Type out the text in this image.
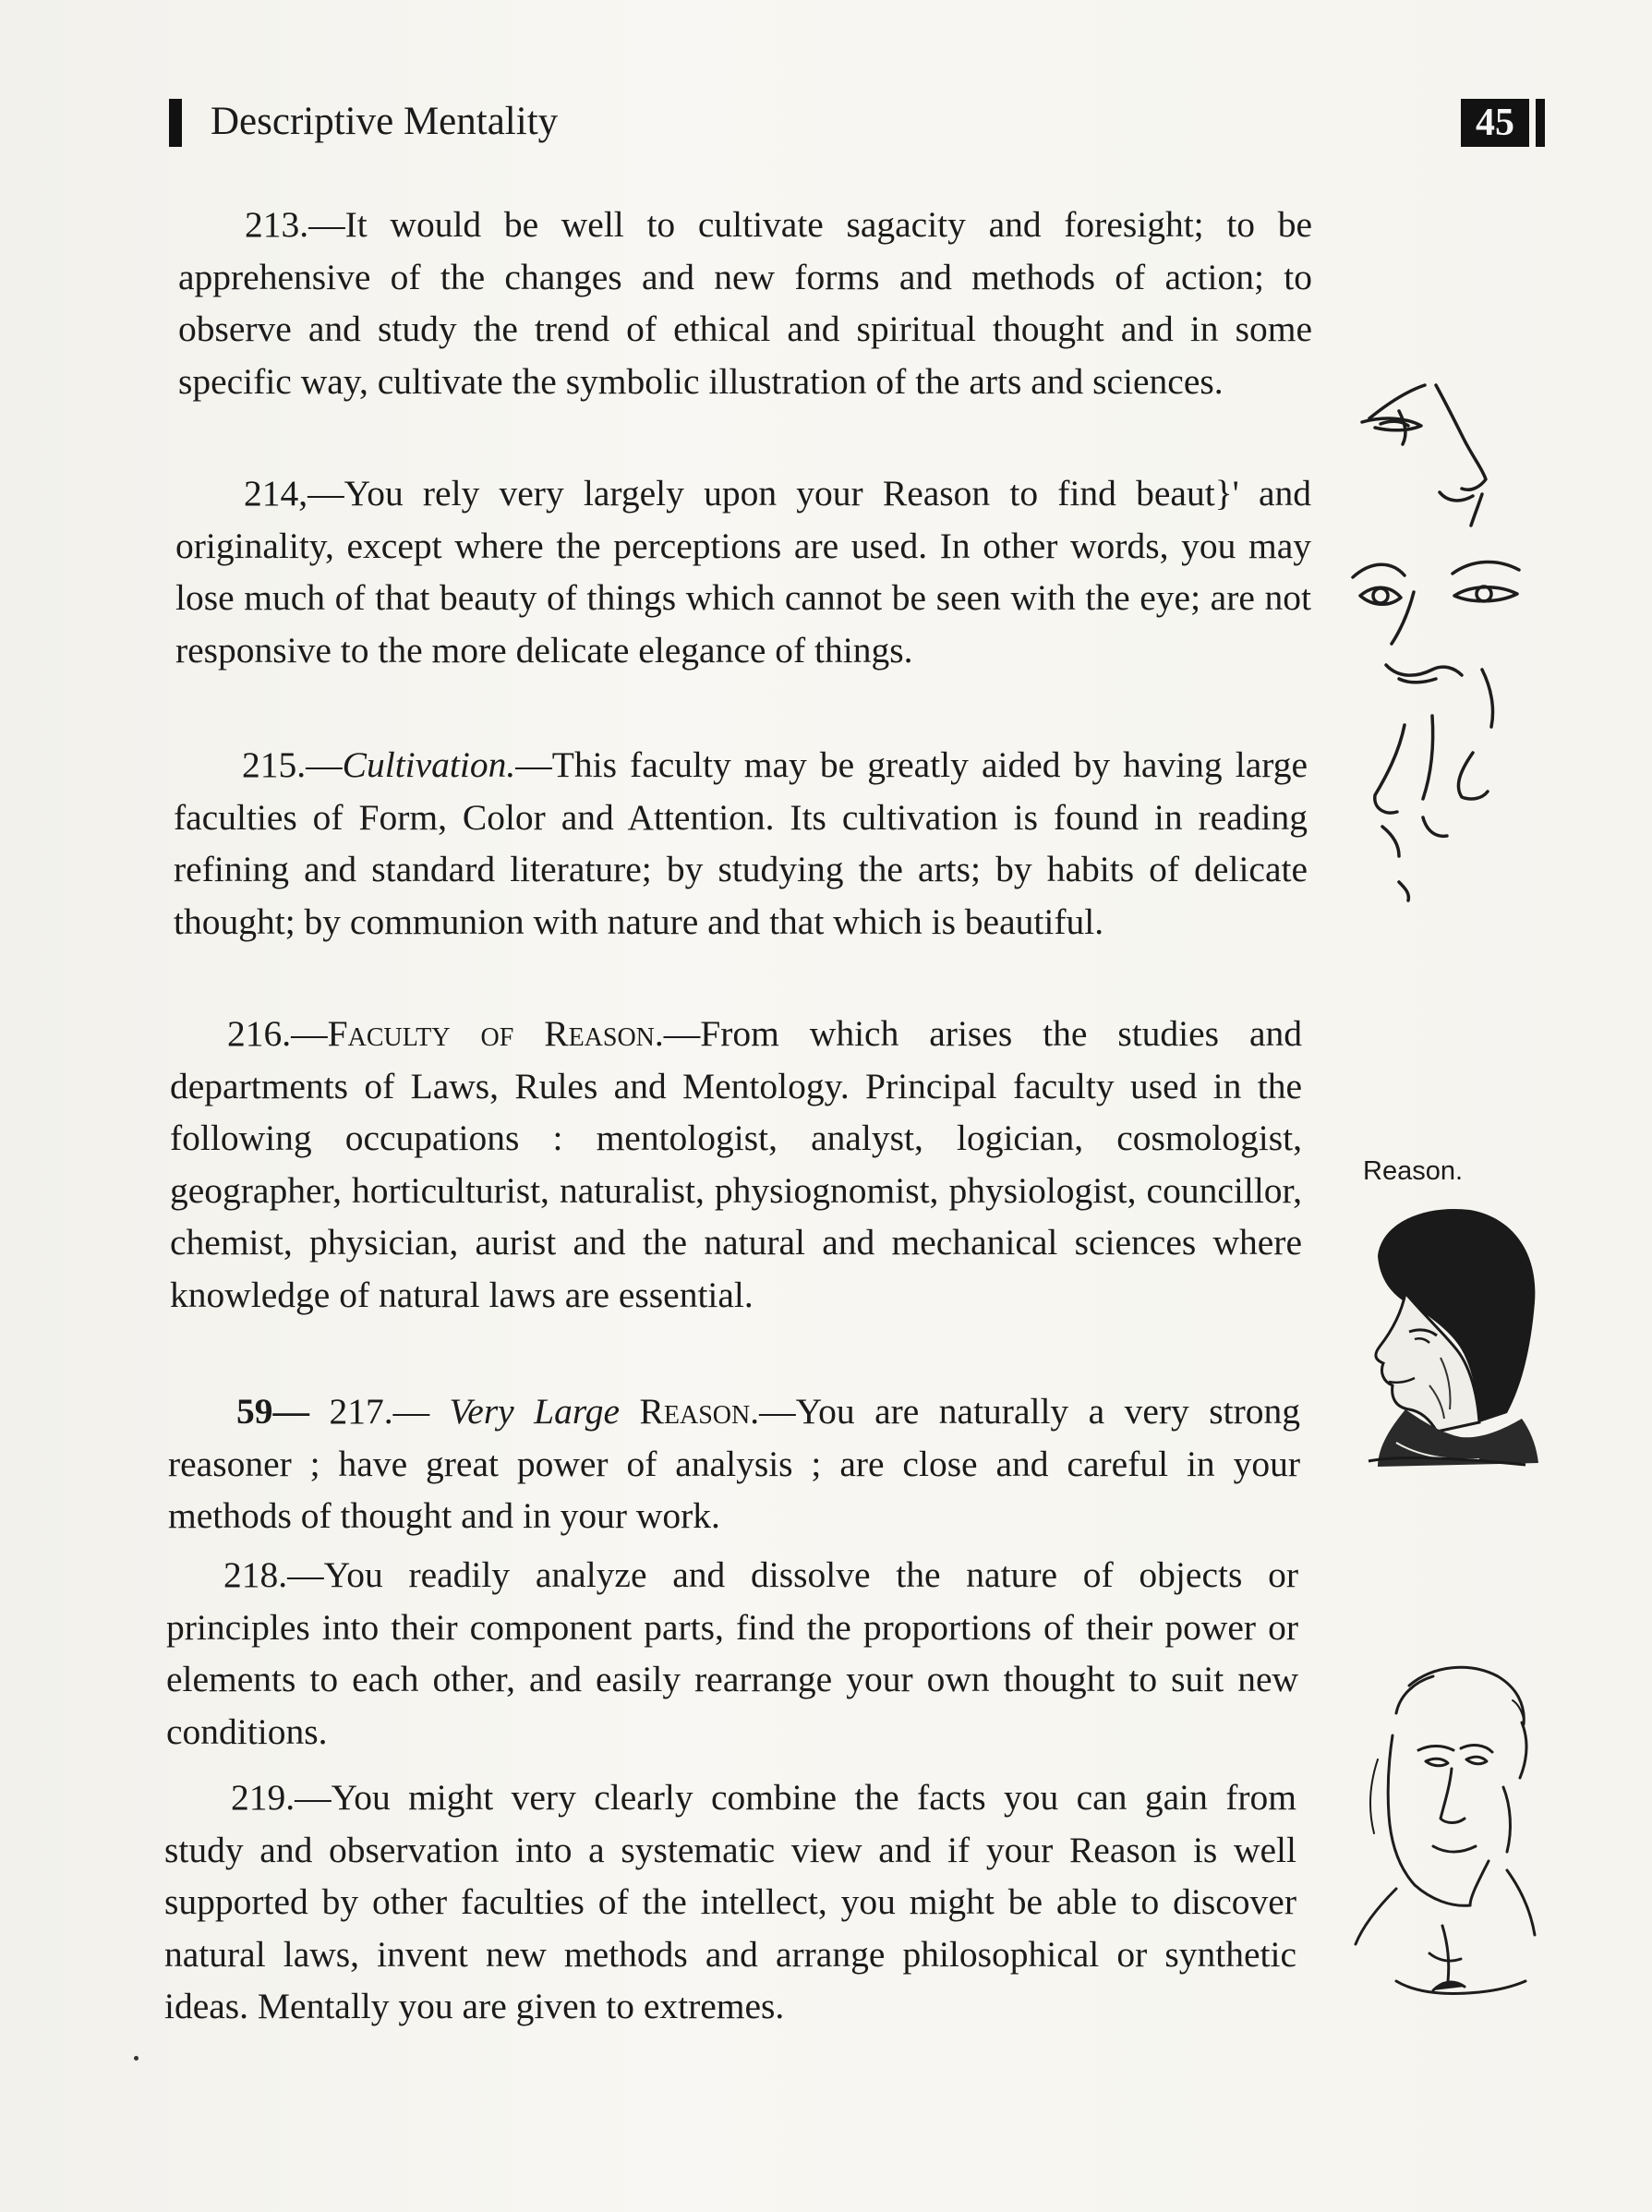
Descriptive Mentality	45

213.—It would be well to cultivate sagacity and foresight; to be apprehensive of the changes and new forms and methods of action; to observe and study the trend of ethical and spiritual thought and in some specific way, cultivate the symbolic illustration of the arts and sciences.

214,—You rely very largely upon your Reason to find beaut}' and originality, except where the perceptions are used. In other words, you may lose much of that beauty of things which cannot be seen with the eye; are not responsive to the more delicate elegance of things.

215.—Cultivation.—This faculty may be greatly aided by having large faculties of Form, Color and Attention. Its cultivation is found in reading refining and standard literature; by studying the arts; by habits of delicate thought; by communion with nature and that which is beautiful.

216.—Faculty of Reason.—From which arises the studies and departments of Laws, Rules and Mentology. Principal faculty used in the following occupations : mentologist, analyst, logician, cosmologist, geographer, horticulturist, naturalist, physiognomist, physiologist, councillor, chemist, physician, aurist and the natural and mechanical sciences where knowledge of natural laws are essential.

59— 217.— Very Large Reason.—You are naturally a very strong reasoner ; have great power of analysis ; are close and careful in your methods of thought and in your work.

218.—You readily analyze and dissolve the nature of objects or principles into their component parts, find the proportions of their power or elements to each other, and easily rearrange your own thought to suit new conditions.

219.—You might very clearly combine the facts you can gain from study and observation into a systematic view and if your Reason is well supported by other faculties of the intellect, you might be able to discover natural laws, invent new methods and arrange philosophical or synthetic ideas. Mentally you are given to extremes.

Reason.
